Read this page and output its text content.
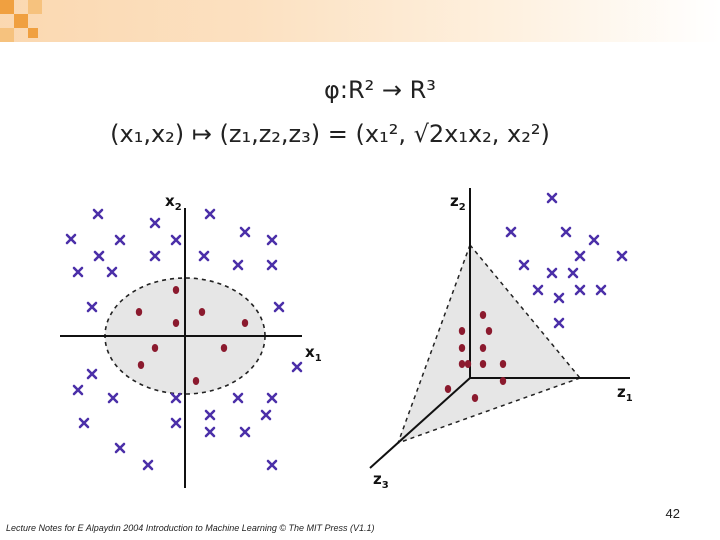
φ:R² → R³
(x₁,x₂) ↦ (z₁,z₂,z₃) = (x₁², √2x₁x₂, x₂²)
$x_1$
$x_2$	$z_2$
$z_1$
$z_3$
42
Lecture Notes for E Alpaydın 2004 Introduction to Machine Learning © The MIT Press (V1.1)
